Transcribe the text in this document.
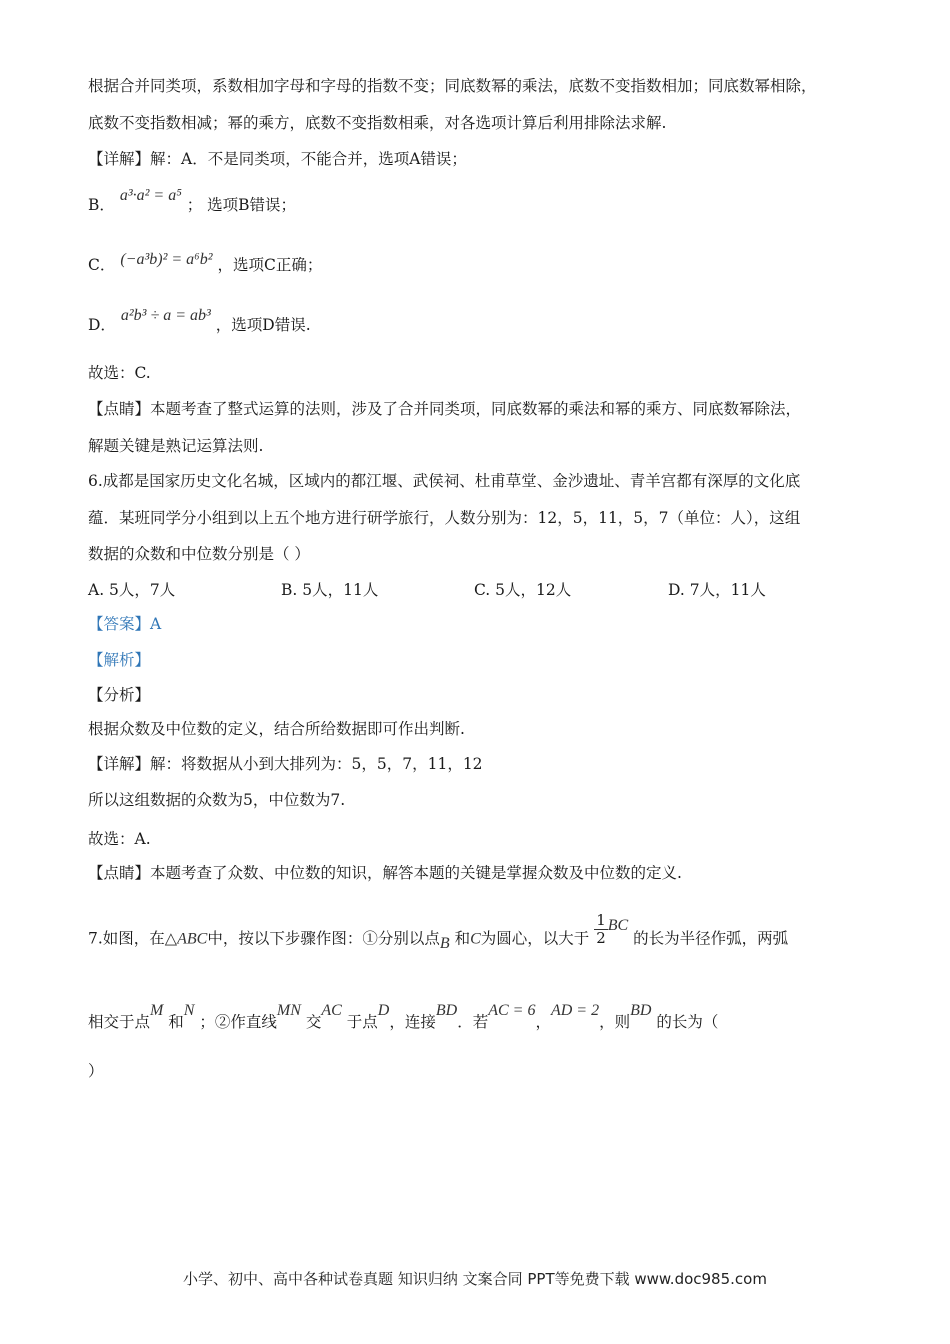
根据合并同类项，系数相加字母和字母的指数不变；同底数幂的乘法，底数不变指数相加；同底数幂相除，
底数不变指数相减；幂的乘方，底数不变指数相乘，对各选项计算后利用排除法求解.
【详解】解：A．不是同类项，不能合并，选项A错误；
B． a³·a² = a⁵ ； 选项B错误；
C． (−a³b)² = a⁶b² ，选项C正确；
D． a²b³ ÷ a = ab³ ，选项D错误.
故选：C.
【点睛】本题考查了整式运算的法则，涉及了合并同类项，同底数幂的乘法和幂的乘方、同底数幂除法，
解题关键是熟记运算法则.
6.成都是国家历史文化名城，区域内的都江堰、武侯祠、杜甫草堂、金沙遗址、青羊宫都有深厚的文化底
蕴．某班同学分小组到以上五个地方进行研学旅行，人数分别为：12，5，11，5，7（单位：人），这组
数据的众数和中位数分别是（ ）
A. 5人，7人	B. 5人，11人	C. 5人，12人	D. 7人，11人
【答案】A
【解析】
【分析】
根据众数及中位数的定义，结合所给数据即可作出判断.
【详解】解：将数据从小到大排列为：5，5，7，11，12
所以这组数据的众数为5，中位数为7.
故选：A.
【点睛】本题考查了众数、中位数的知识，解答本题的关键是掌握众数及中位数的定义.
7.如图，在△ABC中，按以下步骤作图：①分别以点B 和C为圆心，以大于 $\frac{1}{2}$ BC 的长为半径作弧，两弧
相交于点M 和N ；②作直线MN 交AC 于点D，连接BD．若AC = 6，AD = 2，则BD 的长为（
）
小学、初中、高中各种试卷真题 知识归纳 文案合同 PPT等免费下载 www.doc985.com
